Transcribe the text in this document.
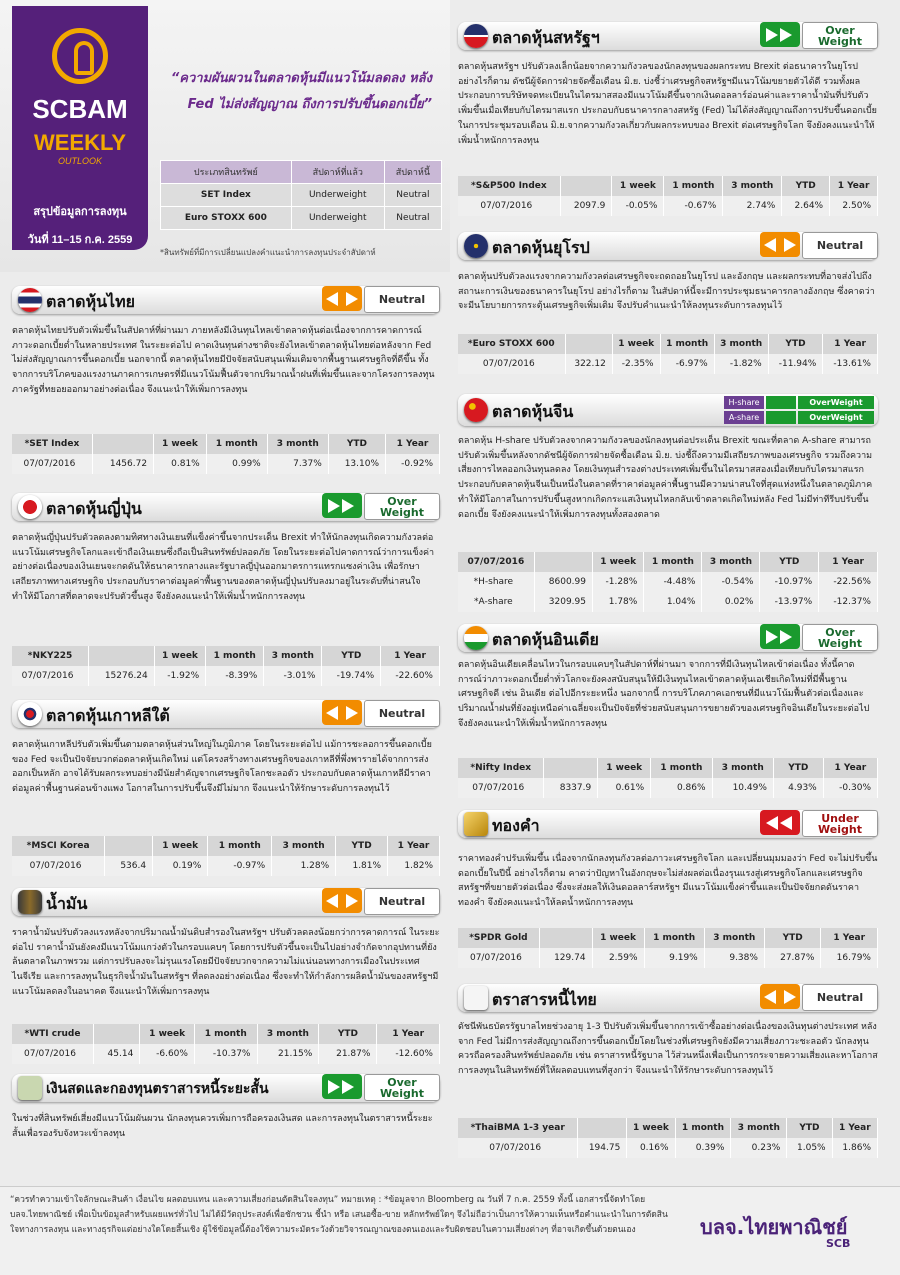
SCBAM
WEEKLY
OUTLOOK
สรุปข้อมูลการลงทุน
วันที่ 11–15 ก.ค. 2559
“ความผันผวนในตลาดหุ้นมีแนวโน้มลดลง หลัง Fed ไม่ส่งสัญญาณ ถึงการปรับขึ้นดอกเบี้ย”
ประเภทสินทรัพย์	สัปดาห์ที่แล้ว	สัปดาห์นี้
SET Index	Underweight	Neutral
Euro STOXX 600	Underweight	Neutral
*สินทรัพย์ที่มีการเปลี่ยนแปลงคำแนะนำการลงทุนประจำสัปดาห์
ตลาดหุ้นไทย	Neutral
ตลาดหุ้นไทยปรับตัวเพิ่มขึ้นในสัปดาห์ที่ผ่านมา ภายหลังมีเงินทุนไหลเข้าตลาดหุ้นต่อเนื่องจากการคาดการณ์ภาวะดอกเบี้ยต่ำในหลายประเทศ ในระยะต่อไป คาดเงินทุนต่างชาติจะยังไหลเข้าตลาดหุ้นไทยต่อหลังจาก Fed ไม่ส่งสัญญาณการขึ้นดอกเบี้ย นอกจากนี้ ตลาดหุ้นไทยมีปัจจัยสนับสนุนเพิ่มเติมจากพื้นฐานเศรษฐกิจที่ดีขึ้น ทั้งจากการบริโภคของแรงงานภาคการเกษตรที่มีแนวโน้มฟื้นตัวจากปริมาณน้ำฝนที่เพิ่มขึ้นและจากโครงการลงทุนภาครัฐที่ทยอยออกมาอย่างต่อเนื่อง จึงแนะนำให้เพิ่มการลงทุน
*SET Index		1 week	1 month	3 month	YTD	1 Year
07/07/2016	1456.72	0.81%	0.99%	7.37%	13.10%	-0.92%
ตลาดหุ้นญี่ปุ่น	Over Weight
ตลาดหุ้นญี่ปุ่นปรับตัวลดลงตามทิศทางเงินเยนที่แข็งค่าขึ้นจากประเด็น Brexit ทำให้นักลงทุนเกิดความกังวลต่อแนวโน้มเศรษฐกิจโลกและเข้าถือเงินเยนซึ่งถือเป็นสินทรัพย์ปลอดภัย โดยในระยะต่อไปคาดการณ์ว่าการแข็งค่าอย่างต่อเนื่องของเงินเยนจะกดดันให้ธนาคารกลางและรัฐบาลญี่ปุ่นออกมาตรการแทรกแซงค่าเงิน เพื่อรักษาเสถียรภาพทางเศรษฐกิจ ประกอบกับราคาต่อมูลค่าพื้นฐานของตลาดหุ้นญี่ปุ่นปรับลงมาอยู่ในระดับที่น่าสนใจ ทำให้มีโอกาสที่ตลาดจะปรับตัวขึ้นสูง จึงยังคงแนะนำให้เพิ่มน้ำหนักการลงทุน
*NKY225		1 week	1 month	3 month	YTD	1 Year
07/07/2016	15276.24	-1.92%	-8.39%	-3.01%	-19.74%	-22.60%
ตลาดหุ้นเกาหลีใต้	Neutral
ตลาดหุ้นเกาหลีปรับตัวเพิ่มขึ้นตามตลาดหุ้นส่วนใหญ่ในภูมิภาค โดยในระยะต่อไป แม้การชะลอการขึ้นดอกเบี้ยของ Fed จะเป็นปัจจัยบวกต่อตลาดหุ้นเกิดใหม่ แต่โครงสร้างทางเศรษฐกิจของเกาหลีที่พึ่งพารายได้จากการส่งออกเป็นหลัก อาจได้รับผลกระทบอย่างมีนัยสำคัญจากเศรษฐกิจโลกชะลอตัว ประกอบกับตลาดหุ้นเกาหลีมีราคาต่อมูลค่าพื้นฐานค่อนข้างแพง โอกาสในการปรับขึ้นจึงมีไม่มาก จึงแนะนำให้รักษาระดับการลงทุนไว้
*MSCI Korea		1 week	1 month	3 month	YTD	1 Year
07/07/2016	536.4	0.19%	-0.97%	1.28%	1.81%	1.82%
น้ำมัน	Neutral
ราคาน้ำมันปรับตัวลงแรงหลังจากปริมาณน้ำมันดิบสำรองในสหรัฐฯ ปรับตัวลดลงน้อยกว่าการคาดการณ์ ในระยะต่อไป ราคาน้ำมันยังคงมีแนวโน้มแกว่งตัวในกรอบแคบๆ โดยการปรับตัวขึ้นจะเป็นไปอย่างจำกัดจากอุปทานที่ยังล้นตลาดในภาพรวม แต่การปรับลงจะไม่รุนแรงโดยมีปัจจัยบวกจากความไม่แน่นอนทางการเมืองในประเทศไนจีเรีย และการลงทุนในธุรกิจน้ำมันในสหรัฐฯ ที่ลดลงอย่างต่อเนื่อง ซึ่งจะทำให้กำลังการผลิตน้ำมันของสหรัฐฯมีแนวโน้มลดลงในอนาคต จึงแนะนำให้เพิ่มการลงทุน
*WTI crude		1 week	1 month	3 month	YTD	1 Year
07/07/2016	45.14	-6.60%	-10.37%	21.15%	21.87%	-12.60%
เงินสดและกองทุนตราสารหนี้ระยะสั้น	Over Weight
ในช่วงที่สินทรัพย์เสี่ยงมีแนวโน้มผันผวน นักลงทุนควรเพิ่มการถือครองเงินสด และการลงทุนในตราสารหนี้ระยะสั้นเพื่อรองรับจังหวะเข้าลงทุน
ตลาดหุ้นสหรัฐฯ	Over Weight
ตลาดหุ้นสหรัฐฯ ปรับตัวลงเล็กน้อยจากความกังวลของนักลงทุนของผลกระทบ Brexit ต่อธนาคารในยุโรป อย่างไรก็ตาม ดัชนีผู้จัดการฝ่ายจัดซื้อเดือน มิ.ย. บ่งชี้ว่าเศรษฐกิจสหรัฐฯมีแนวโน้มขยายตัวได้ดี รวมทั้งผลประกอบการบริษัทจดทะเบียนในไตรมาสสองมีแนวโน้มดีขึ้นจากเงินดอลลาร์อ่อนค่าและราคาน้ำมันที่ปรับตัวเพิ่มขึ้นเมื่อเทียบกับไตรมาสแรก ประกอบกับธนาคารกลางสหรัฐ (Fed) ไม่ได้ส่งสัญญาณถึงการปรับขึ้นดอกเบี้ยในการประชุมรอบเดือน มิ.ย.จากความกังวลเกี่ยวกับผลกระทบของ Brexit ต่อเศรษฐกิจโลก จึงยังคงแนะนำให้เพิ่มน้ำหนักการลงทุน
*S&P500 Index		1 week	1 month	3 month	YTD	1 Year
07/07/2016	2097.9	-0.05%	-0.67%	2.74%	2.64%	2.50%
ตลาดหุ้นยุโรป	Neutral
ตลาดหุ้นปรับตัวลงแรงจากความกังวลต่อเศรษฐกิจจะถดถอยในยุโรป และอังกฤษ และผลกระทบที่อาจส่งไปถึงสถานะการเงินของธนาคารในยุโรป อย่างไรก็ตาม ในสัปดาห์นี้จะมีการประชุมธนาคารกลางอังกฤษ ซึ่งคาดว่าจะมีนโยบายการกระตุ้นเศรษฐกิจเพิ่มเติม จึงปรับคำแนะนำให้ลงทุนระดับการลงทุนไว้
*Euro STOXX 600		1 week	1 month	3 month	YTD	1 Year
07/07/2016	322.12	-2.35%	-6.97%	-1.82%	-11.94%	-13.61%
ตลาดหุ้นจีน	H-share	OverWeight
A-share	OverWeight
ตลาดหุ้น H-share ปรับตัวลงจากความกังวลของนักลงทุนต่อประเด็น Brexit ขณะที่ตลาด A-share สามารถปรับตัวเพิ่มขึ้นหลังจากดัชนีผู้จัดการฝ่ายจัดซื้อเดือน มิ.ย. บ่งชี้ถึงความมีเสถียรภาพของเศรษฐกิจ รวมถึงความเสี่ยงการไหลออกเงินทุนลดลง โดยเงินทุนสำรองต่างประเทศเพิ่มขึ้นในไตรมาสสองเมื่อเทียบกับไตรมาสแรก ประกอบกับตลาดหุ้นจีนเป็นหนึ่งในตลาดที่ราคาต่อมูลค่าพื้นฐานมีความน่าสนใจที่สุดแห่งหนึ่งในตลาดภูมิภาค ทำให้มีโอกาสในการปรับขึ้นสูงหากเกิดกระแสเงินทุนไหลกลับเข้าตลาดเกิดใหม่หลัง Fed ไม่มีท่าทีรีบปรับขึ้นดอกเบี้ย จึงยังคงแนะนำให้เพิ่มการลงทุนทั้งสองตลาด
07/07/2016		1 week	1 month	3 month	YTD	1 Year
*H-share	8600.99	-1.28%	-4.48%	-0.54%	-10.97%	-22.56%
*A-share	3209.95	1.78%	1.04%	0.02%	-13.97%	-12.37%
ตลาดหุ้นอินเดีย	Over Weight
ตลาดหุ้นอินเดียเคลื่อนไหวในกรอบแคบๆในสัปดาห์ที่ผ่านมา จากการที่มีเงินทุนไหลเข้าต่อเนื่อง ทั้งนี้คาดการณ์ว่าภาวะดอกเบี้ยต่ำทั่วโลกจะยังคงสนับสนุนให้มีเงินทุนไหลเข้าตลาดหุ้นเอเชียเกิดใหม่ที่มีพื้นฐานเศรษฐกิจดี เช่น อินเดีย ต่อไปอีกระยะหนึ่ง นอกจากนี้ การบริโภคภาคเอกชนที่มีแนวโน้มฟื้นตัวต่อเนื่องและปริมาณน้ำฝนที่ยังอยู่เหนือค่าเฉลี่ยจะเป็นปัจจัยที่ช่วยสนับสนุนการขยายตัวของเศรษฐกิจอินเดียในระยะต่อไป จึงยังคงแนะนำให้เพิ่มน้ำหนักการลงทุน
*Nifty Index		1 week	1 month	3 month	YTD	1 Year
07/07/2016	8337.9	0.61%	0.86%	10.49%	4.93%	-0.30%
ทองคำ	Under Weight
ราคาทองคำปรับเพิ่มขึ้น เนื่องจากนักลงทุนกังวลต่อภาวะเศรษฐกิจโลก และเปลี่ยนมุมมองว่า Fed จะไม่ปรับขึ้นดอกเบี้ยในปีนี้ อย่างไรก็ตาม คาดว่าปัญหาในอังกฤษจะไม่ส่งผลต่อเนื่องรุนแรงสู่เศรษฐกิจโลกและเศรษฐกิจสหรัฐฯที่ขยายตัวต่อเนื่อง ซึ่งจะส่งผลให้เงินดอลลาร์สหรัฐฯ มีแนวโน้มแข็งค่าขึ้นและเป็นปัจจัยกดดันราคาทองคำ จึงยังคงแนะนำให้ลดน้ำหนักการลงทุน
*SPDR Gold		1 week	1 month	3 month	YTD	1 Year
07/07/2016	129.74	2.59%	9.19%	9.38%	27.87%	16.79%
ตราสารหนี้ไทย	Neutral
ดัชนีพันธบัตรรัฐบาลไทยช่วงอายุ 1-3 ปีปรับตัวเพิ่มขึ้นจากการเข้าซื้ออย่างต่อเนื่องของเงินทุนต่างประเทศ หลังจาก Fed ไม่มีการส่งสัญญาณถึงการขึ้นดอกเบี้ยโดยในช่วงที่เศรษฐกิจยังมีความเสี่ยงภาวะชะลอตัว นักลงทุนควรถือครองสินทรัพย์ปลอดภัย เช่น ตราสารหนี้รัฐบาล ไว้ส่วนหนึ่งเพื่อเป็นการกระจายความเสี่ยงและหาโอกาสการลงทุนในสินทรัพย์ที่ให้ผลตอบแทนที่สูงกว่า จึงแนะนำให้รักษาระดับการลงทุนไว้
*ThaiBMA 1-3 year		1 week	1 month	3 month	YTD	1 Year
07/07/2016	194.75	0.16%	0.39%	0.23%	1.05%	1.86%
“ควรทำความเข้าใจลักษณะสินค้า เงื่อนไข ผลตอบแทน และความเสี่ยงก่อนตัดสินใจลงทุน” หมายเหตุ : *ข้อมูลจาก Bloomberg ณ วันที่ 7 ก.ค. 2559 ทั้งนี้ เอกสารนี้จัดทำโดย บลจ.ไทยพาณิชย์ เพื่อเป็นข้อมูลสำหรับเผยแพร่ทั่วไป ไม่ได้มีวัตถุประสงค์เพื่อชักชวน ชี้นำ หรือ เสนอซื้อ-ขาย หลักทรัพย์ใดๆ จึงไม่ถือว่าเป็นการให้ความเห็นหรือคำแนะนำในการตัดสินใจทางการลงทุน และทางธุรกิจแต่อย่างใดโดยสิ้นเชิง ผู้ใช้ข้อมูลนี้ต้องใช้ความระมัดระวังด้วยวิจารณญาณของตนเองและรับผิดชอบในความเสี่ยงต่างๆ ที่อาจเกิดขึ้นด้วยตนเอง	บลจ.ไทยพาณิชย์
SCB
